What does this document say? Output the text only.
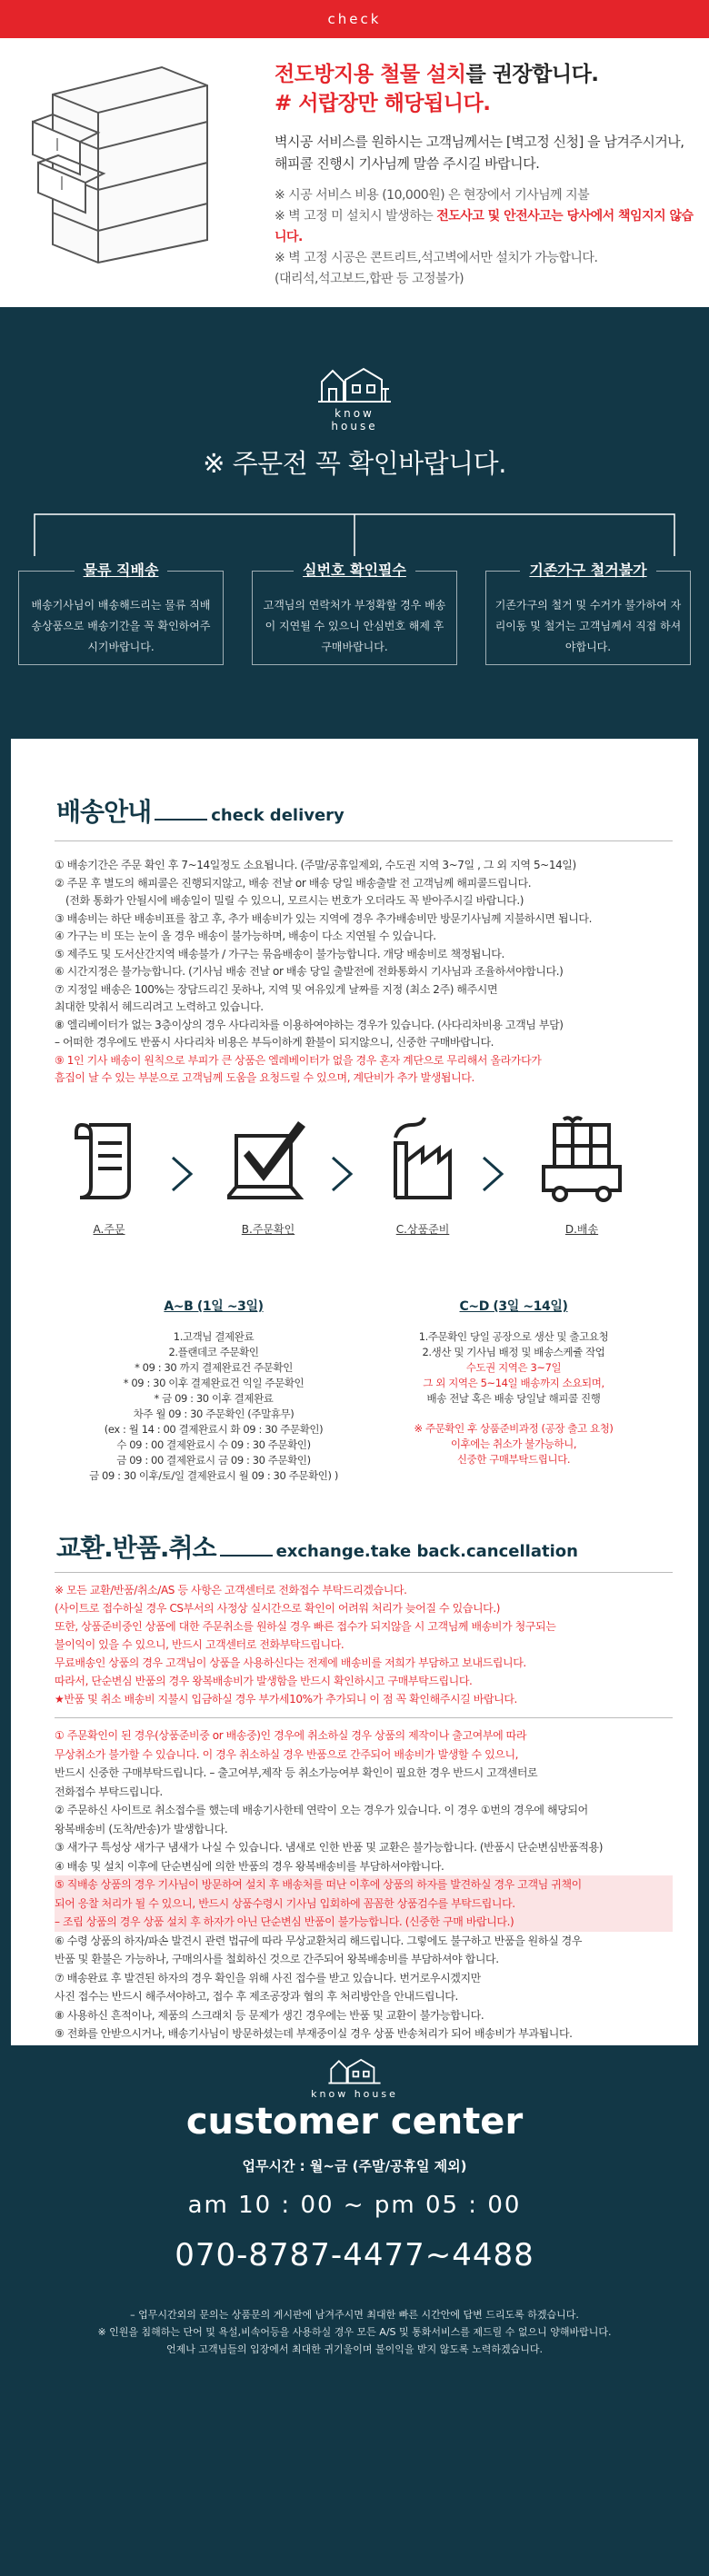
check
전도방지용 철물 설치를 권장합니다.
# 서랍장만 해당됩니다.
벽시공 서비스를 원하시는 고객님께서는 [벽고정 신청] 을 남겨주시거나, 해피콜 진행시 기사님께 말씀 주시길 바랍니다.
※ 시공 서비스 비용 (10,000원) 은 현장에서 기사님께 지불
※ 벽 고정 미 설치시 발생하는 전도사고 및 안전사고는 당사에서 책임지지 않습니다.
※ 벽 고정 시공은 콘트리트,석고벽에서만 설치가 가능합니다.
(대리석,석고보드,합판 등 고정불가)
know house
※ 주문전 꼭 확인바랍니다.
물류 직배송
배송기사님이 배송해드리는 물류 직배송상품으로 배송기간을 꼭 확인하여주시기바랍니다.
실번호 확인필수
고객님의 연락처가 부정확할 경우 배송이 지연될 수 있으니 안심번호 해제 후 구매바랍니다.
기존가구 철거불가
기존가구의 철거 및 수거가 불가하여 자리이동 및 철거는 고객님께서 직접 하셔야합니다.
배송안내	check delivery
① 배송기간은 주문 확인 후 7~14일정도 소요됩니다. (주말/공휴일제외, 수도권 지역 3~7일 , 그 외 지역 5~14일)
② 주문 후 별도의 해피콜은 진행되지않고, 배송 전날 or 배송 당일 배송출발 전 고객님께 해피콜드립니다.
(전화 통화가 안될시에 배송일이 밀릴 수 있으니, 모르시는 번호가 오더라도 꼭 받아주시길 바랍니다.)
③ 배송비는 하단 배송비표를 참고 후, 추가 배송비가 있는 지역에 경우 추가배송비만 방문기사님께 지불하시면 됩니다.
④ 가구는 비 또는 눈이 올 경우 배송이 불가능하며, 배송이 다소 지연될 수 있습니다.
⑤ 제주도 및 도서산간지역 배송불가 / 가구는 묶음배송이 불가능합니다. 개당 배송비로 책정됩니다.
⑥ 시간지정은 불가능합니다. (기사님 배송 전날 or 배송 당일 출발전에 전화통화시 기사님과 조율하셔야합니다.)
⑦ 지정일 배송은 100%는 장담드리긴 못하나, 지역 및 여유있게 날짜를 지정 (최소 2주) 해주시면
최대한 맞춰서 헤드리려고 노력하고 있습니다.
⑧ 엘리베이터가 없는 3층이상의 경우 사다리차를 이용하여야하는 경우가 있습니다. (사다리차비용 고객님 부담)
– 어떠한 경우에도 반품시 사다리차 비용은 부득이하게 환불이 되지않으니, 신중한 구매바랍니다.
⑨ 1인 기사 배송이 원칙으로 부피가 큰 상품은 엘레베이터가 없을 경우 혼자 계단으로 무리해서 올라가다가
흠집이 날 수 있는 부분으로 고객님께 도움을 요청드릴 수 있으며, 계단비가 추가 발생됩니다.
A.주문	B.주문확인	C.상품준비	D.배송
A~B (1일 ~3일)
1.고객님 결제완료
2.플랜데코 주문확인
* 09 : 30 까지 결제완료건 주문확인
* 09 : 30 이후 결제완료건 익일 주문확인
* 금 09 : 30 이후 결제완료
차주 월 09 : 30 주문확인 (주말휴무)
(ex : 월 14 : 00 결제완료시 화 09 : 30 주문확인)
수 09 : 00 결제완료시 수 09 : 30 주문확인)
금 09 : 00 결제완료시 금 09 : 30 주문확인)
금 09 : 30 이후/토/일 결제완료시 월 09 : 30 주문확인) )
C~D (3일 ~14일)
1.주문확인 당일 공장으로 생산 및 출고요청
2.생산 및 기사님 배정 및 배송스케쥴 작업
수도권 지역은 3~7일
그 외 지역은 5~14일 배송까지 소요되며,
배송 전날 혹은 배송 당일날 해피콜 진행
※ 주문확인 후 상품준비과정 (공장 출고 요청)
이후에는 취소가 불가능하니,
신중한 구매부탁드립니다.
교환.반품.취소	exchange.take back.cancellation
※ 모든 교환/반품/취소/AS 등 사항은 고객센터로 전화접수 부탁드리겠습니다.
(사이트로 접수하실 경우 CS부서의 사정상 실시간으로 확인이 어려워 처리가 늦어질 수 있습니다.)
또한, 상품준비중인 상품에 대한 주문취소를 원하실 경우 빠른 접수가 되지않을 시 고객님께 배송비가 청구되는
불이익이 있을 수 있으니, 반드시 고객센터로 전화부탁드립니다.
무료배송인 상품의 경우 고객님이 상품을 사용하신다는 전제에 배송비를 저희가 부담하고 보내드립니다.
따라서, 단순변심 반품의 경우 왕복배송비가 발생함을 반드시 확인하시고 구매부탁드립니다.
★반품 및 취소 배송비 지불시 입금하실 경우 부가세10%가 추가되니 이 점 꼭 확인해주시길 바랍니다.
① 주문확인이 된 경우(상품준비중 or 배송중)인 경우에 취소하실 경우 상품의 제작이나 출고여부에 따라
무상취소가 불가할 수 있습니다. 이 경우 취소하실 경우 반품으로 간주되어 배송비가 발생할 수 있으니,
반드시 신중한 구매부탁드립니다. – 출고여부,제작 등 취소가능여부 확인이 필요한 경우 반드시 고객센터로
전화접수 부탁드립니다.
② 주문하신 사이트로 취소접수를 했는데 배송기사한테 연락이 오는 경우가 있습니다. 이 경우 ①번의 경우에 해당되어
왕복배송비 (도착/반송)가 발생합니다.
③ 새가구 특성상 새가구 냄새가 나실 수 있습니다. 냄새로 인한 반품 및 교환은 불가능합니다. (반품시 단순변심반품적용)
④ 배송 및 설치 이후에 단순변심에 의한 반품의 경우 왕복배송비를 부담하셔야합니다.
⑤ 직배송 상품의 경우 기사님이 방문하여 설치 후 배송처를 떠난 이후에 상품의 하자를 발견하실 경우 고객님 귀책이
되어 응찰 처리가 될 수 있으니, 반드시 상품수령시 기사님 입회하에 꼼꼼한 상품검수를 부탁드립니다.
– 조립 상품의 경우 상품 설치 후 하자가 아닌 단순변심 반품이 불가능합니다. (신중한 구매 바랍니다.)
⑥ 수령 상품의 하자/파손 발견시 관련 법규에 따라 무상교환처리 해드립니다. 그렇에도 불구하고 반품을 원하실 경우
반품 및 환불은 가능하나, 구매의사를 철회하신 것으로 간주되어 왕복배송비를 부담하셔야 합니다.
⑦ 배송완료 후 발견된 하자의 경우 확인을 위해 사진 접수를 받고 있습니다. 번거로우시겠지만
사진 접수는 반드시 해주셔야하고, 접수 후 제조공장과 협의 후 처리방안을 안내드립니다.
⑧ 사용하신 흔적이나, 제품의 스크래치 등 문제가 생긴 경우에는 반품 및 교환이 불가능합니다.
⑨ 전화를 안받으시거나, 배송기사님이 방문하셨는데 부재중이실 경우 상품 반송처리가 되어 배송비가 부과됩니다.
know house
customer center
업무시간 : 월~금 (주말/공휴일 제외)
am 10 : 00 ~ pm 05 : 00
070-8787-4477~4488
– 업무시간외의 문의는 상품문의 게시판에 남겨주시면 최대한 빠른 시간안에 답변 드리도록 하겠습니다.
※ 인원을 침해하는 단어 및 욕설,비속어등을 사용하실 경우 모든 A/S 및 통화서비스를 제드릴 수 없으니 양해바랍니다.
언제나 고객님들의 입장에서 최대한 귀기울이며 불이익을 받지 않도록 노력하겠습니다.
